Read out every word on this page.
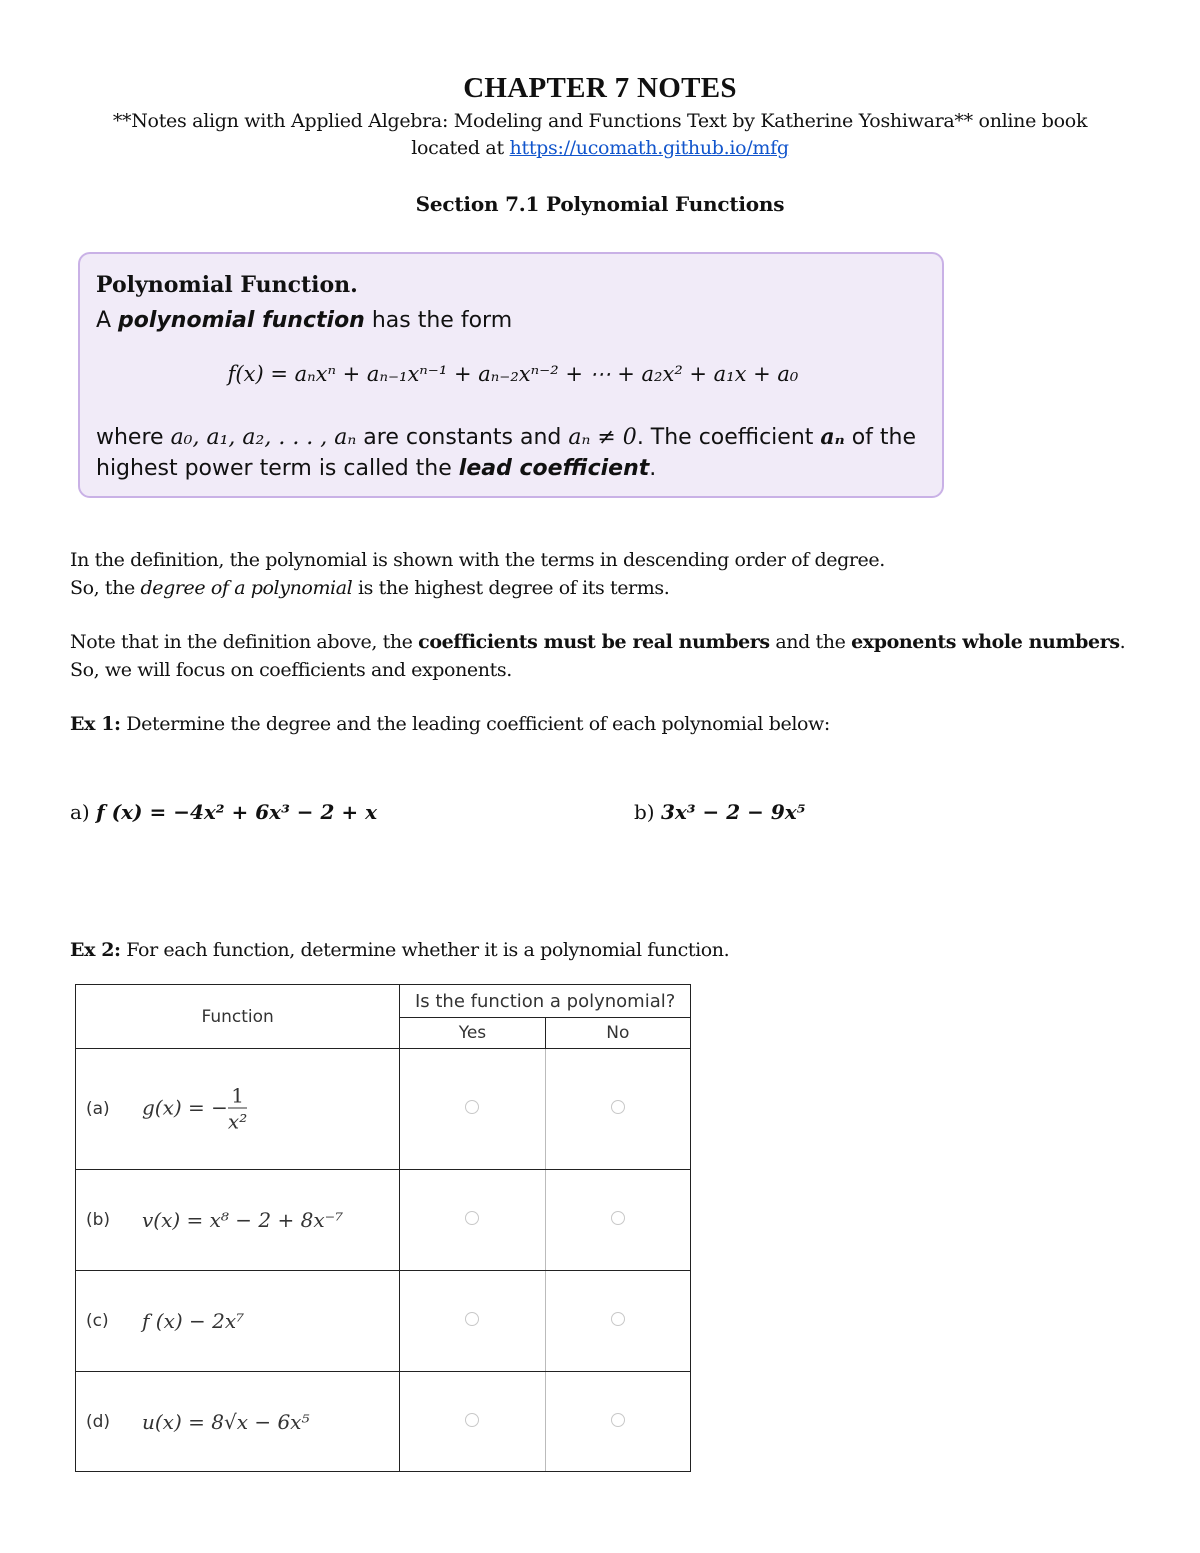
CHAPTER 7 NOTES
**Notes align with Applied Algebra: Modeling and Functions Text by Katherine Yoshiwara** online book
located at https://ucomath.github.io/mfg
Section 7.1 Polynomial Functions
Polynomial Function.
A polynomial function has the form
f(x) = aₙxⁿ + aₙ₋₁xⁿ⁻¹ + aₙ₋₂xⁿ⁻² + ⋯ + a₂x² + a₁x + a₀
where a₀, a₁, a₂, . . . , aₙ are constants and aₙ ≠ 0. The coefficient aₙ of the highest power term is called the lead coefficient.
In the definition, the polynomial is shown with the terms in descending order of degree.
So, the degree of a polynomial is the highest degree of its terms.
Note that in the definition above, the coefficients must be real numbers and the exponents whole numbers.
So, we will focus on coefficients and exponents.
Ex 1: Determine the degree and the leading coefficient of each polynomial below:
a) f (x) = −4x² + 6x³ − 2 + x	b) 3x³ − 2 − 9x⁵
Ex 2: For each function, determine whether it is a polynomial function.
Function	Is the function a polynomial?	
	Yes	No

(a) g(x) = − $\frac{1}{\text{x²}}$

(b) v(x) = x⁸ − 2 + 8x⁻⁷		

(c) f (x) − 2x⁷		

(d) u(x) = 8√x − 6x⁵		
